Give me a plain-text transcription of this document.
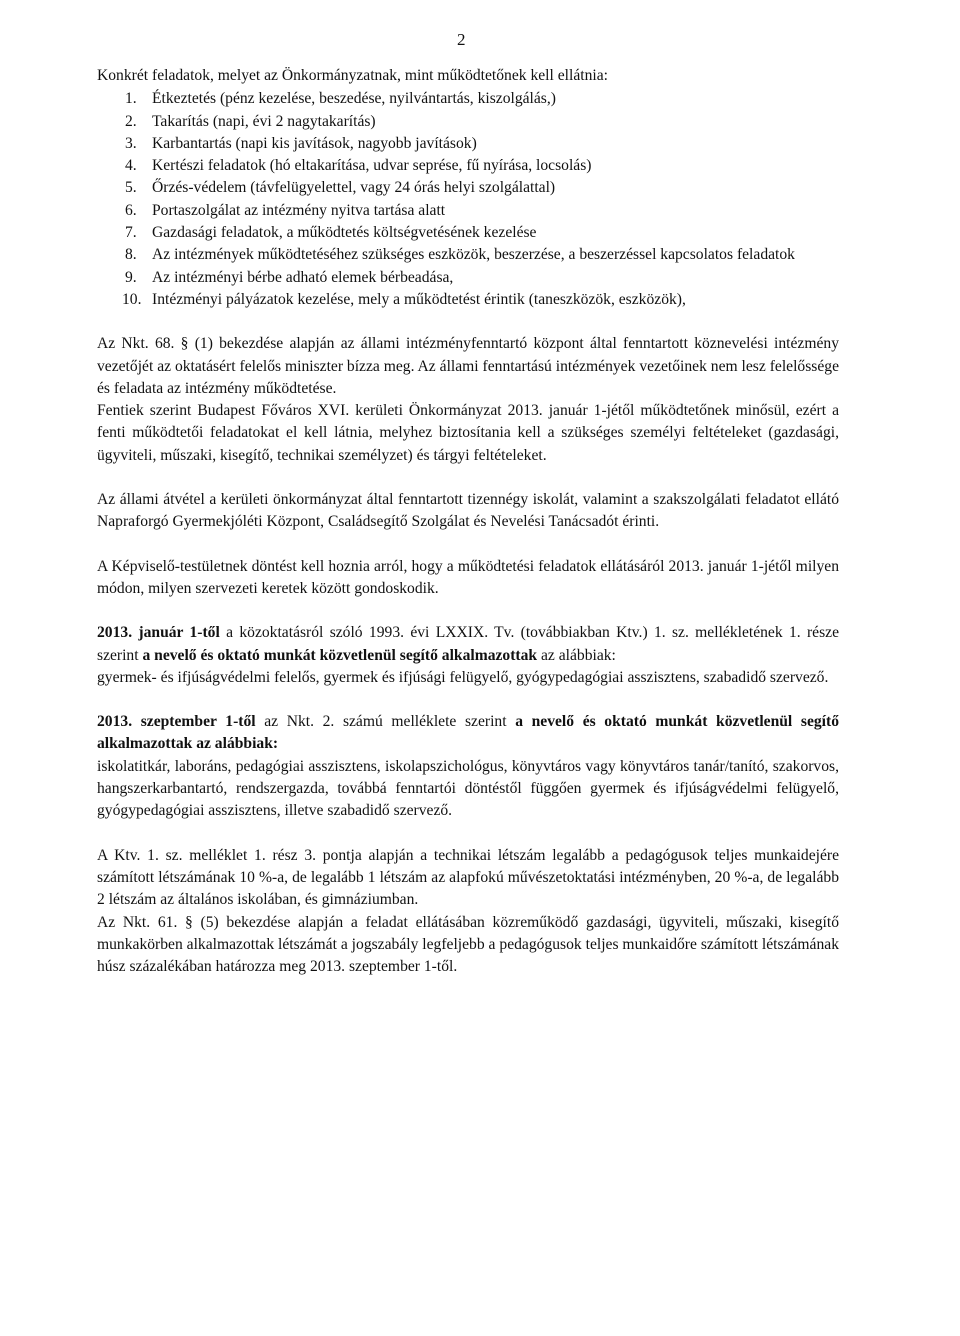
2

Konkrét feladatok, melyet az Önkormányzatnak, mint működtetőnek kell ellátnia:

1. Étkeztetés (pénz kezelése, beszedése, nyilvántartás, kiszolgálás,)
2. Takarítás (napi, évi 2 nagytakarítás)
3. Karbantartás (napi kis javítások, nagyobb javítások)
4. Kertészi feladatok (hó eltakarítása, udvar seprése, fű nyírása, locsolás)
5. Őrzés-védelem (távfelügyelettel, vagy 24 órás helyi szolgálattal)
6. Portaszolgálat az intézmény nyitva tartása alatt
7. Gazdasági feladatok, a működtetés költségvetésének kezelése
8. Az intézmények működtetéséhez szükséges eszközök, beszerzése, a beszerzéssel kapcsolatos feladatok
9. Az intézményi bérbe adható elemek bérbeadása,
10. Intézményi pályázatok kezelése, mely a működtetést érintik (taneszközök, eszközök),

Az Nkt. 68. § (1) bekezdése alapján az állami intézményfenntartó központ által fenntartott köznevelési intézmény vezetőjét az oktatásért felelős miniszter bízza meg. Az állami fenntartású intézmények vezetőinek nem lesz felelőssége és feladata az intézmény működtetése.

Fentiek szerint Budapest Főváros XVI. kerületi Önkormányzat 2013. január 1-jétől működtetőnek minősül, ezért a fenti működtetői feladatokat el kell látnia, melyhez biztosítania kell a szükséges személyi feltételeket (gazdasági, ügyviteli, műszaki, kisegítő, technikai személyzet) és tárgyi feltételeket.

Az állami átvétel a kerületi önkormányzat által fenntartott tizennégy iskolát, valamint a szakszolgálati feladatot ellátó Napraforgó Gyermekjóléti Központ, Családsegítő Szolgálat és Nevelési Tanácsadót érinti.

A Képviselő-testületnek döntést kell hoznia arról, hogy a működtetési feladatok ellátásáról 2013. január 1-jétől milyen módon, milyen szervezeti keretek között gondoskodik.

2013. január 1-től a közoktatásról szóló 1993. évi LXXIX. Tv. (továbbiakban Ktv.) 1. sz. mellékletének 1. része szerint a nevelő és oktató munkát közvetlenül segítő alkalmazottak az alábbiak:

gyermek- és ifjúságvédelmi felelős, gyermek és ifjúsági felügyelő, gyógypedagógiai asszisztens, szabadidő szervező.

2013. szeptember 1-től az Nkt. 2. számú melléklete szerint a nevelő és oktató munkát közvetlenül segítő alkalmazottak az alábbiak:

iskolatitkár, laboráns, pedagógiai asszisztens, iskolapszichológus, könyvtáros vagy könyvtáros tanár/tanító, szakorvos, hangszerkarbantartó, rendszergazda, továbbá fenntartói döntéstől függően gyermek és ifjúságvédelmi felügyelő, gyógypedagógiai asszisztens, illetve szabadidő szervező.

A Ktv. 1. sz. melléklet 1. rész 3. pontja alapján a technikai létszám legalább a pedagógusok teljes munkaidejére számított létszámának 10 %-a, de legalább 1 létszám az alapfokú művészetoktatási intézményben, 20 %-a, de legalább 2 létszám az általános iskolában, és gimnáziumban.

Az Nkt. 61. § (5) bekezdése alapján a feladat ellátásában közreműködő gazdasági, ügyviteli, műszaki, kisegítő munkakörben alkalmazottak létszámát a jogszabály legfeljebb a pedagógusok teljes munkaidőre számított létszámának húsz százalékában határozza meg 2013. szeptember 1-től.
